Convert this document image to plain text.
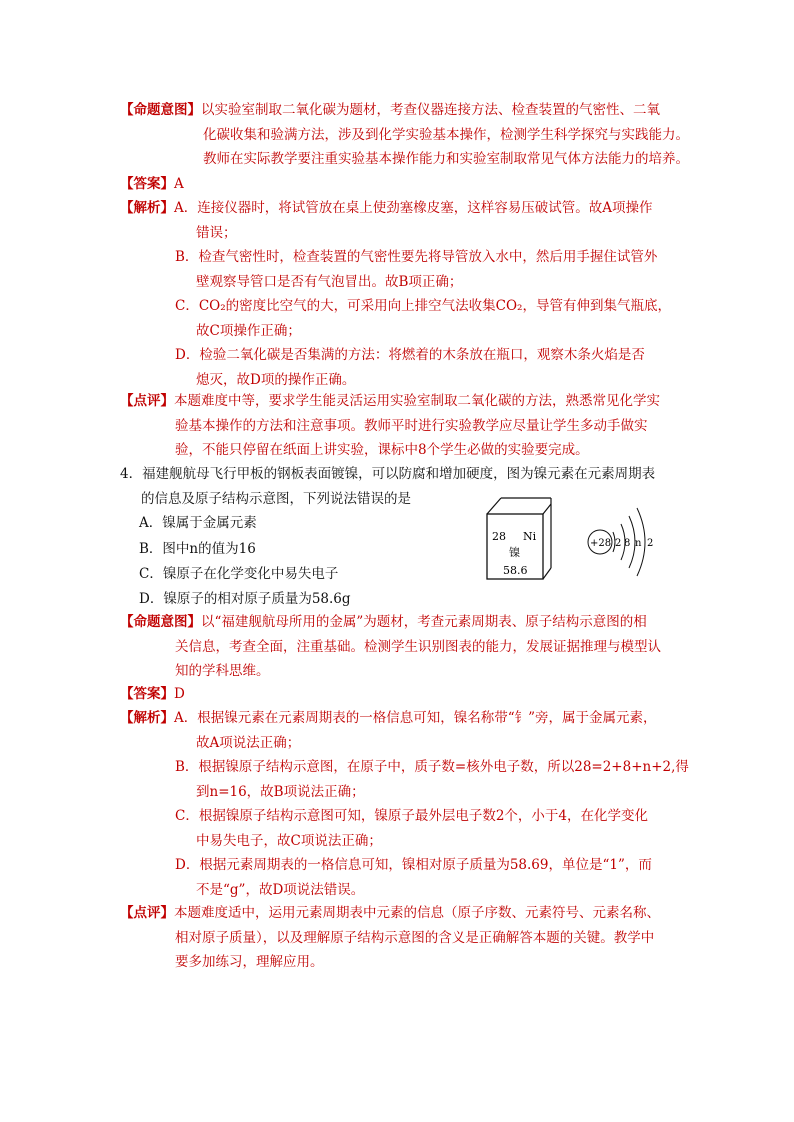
【命题意图】以实验室制取二氧化碳为题材，考查仪器连接方法、检查装置的气密性、二氧
化碳收集和验满方法，涉及到化学实验基本操作，检测学生科学探究与实践能力。
教师在实际教学要注重实验基本操作能力和实验室制取常见气体方法能力的培养。
【答案】A
【解析】A．连接仪器时，将试管放在桌上使劲塞橡皮塞，这样容易压破试管。故A项操作
错误；
B．检查气密性时，检查装置的气密性要先将导管放入水中，然后用手握住试管外
壁观察导管口是否有气泡冒出。故B项正确；
C．CO₂的密度比空气的大，可采用向上排空气法收集CO₂，导管有伸到集气瓶底，
故C项操作正确；
D．检验二氧化碳是否集满的方法：将燃着的木条放在瓶口，观察木条火焰是否
熄灭，故D项的操作正确。
【点评】本题难度中等，要求学生能灵活运用实验室制取二氧化碳的方法，熟悉常见化学实
验基本操作的方法和注意事项。教师平时进行实验教学应尽量让学生多动手做实
验，不能只停留在纸面上讲实验，课标中8个学生必做的实验要完成。
4．福建舰航母飞行甲板的钢板表面镀镍，可以防腐和增加硬度，图为镍元素在元素周期表
的信息及原子结构示意图，下列说法错误的是
A．镍属于金属元素
B．图中n的值为16
C．镍原子在化学变化中易失电子
D．镍原子的相对原子质量为58.6g
28 Ni
镍
58.6
+28 2 8 n 2
【命题意图】以“福建舰航母所用的金属”为题材，考查元素周期表、原子结构示意图的相
关信息，考查全面，注重基础。检测学生识别图表的能力，发展证据推理与模型认
知的学科思维。
【答案】D
【解析】A．根据镍元素在元素周期表的一格信息可知，镍名称带“钅”旁，属于金属元素，
故A项说法正确；
B．根据镍原子结构示意图，在原子中，质子数=核外电子数，所以28=2+8+n+2,得
到n=16，故B项说法正确；
C．根据镍原子结构示意图可知，镍原子最外层电子数2个，小于4，在化学变化
中易失电子，故C项说法正确；
D．根据元素周期表的一格信息可知，镍相对原子质量为58.69，单位是“1”，而
不是“g”，故D项说法错误。
【点评】本题难度适中，运用元素周期表中元素的信息（原子序数、元素符号、元素名称、
相对原子质量），以及理解原子结构示意图的含义是正确解答本题的关键。教学中
要多加练习，理解应用。
